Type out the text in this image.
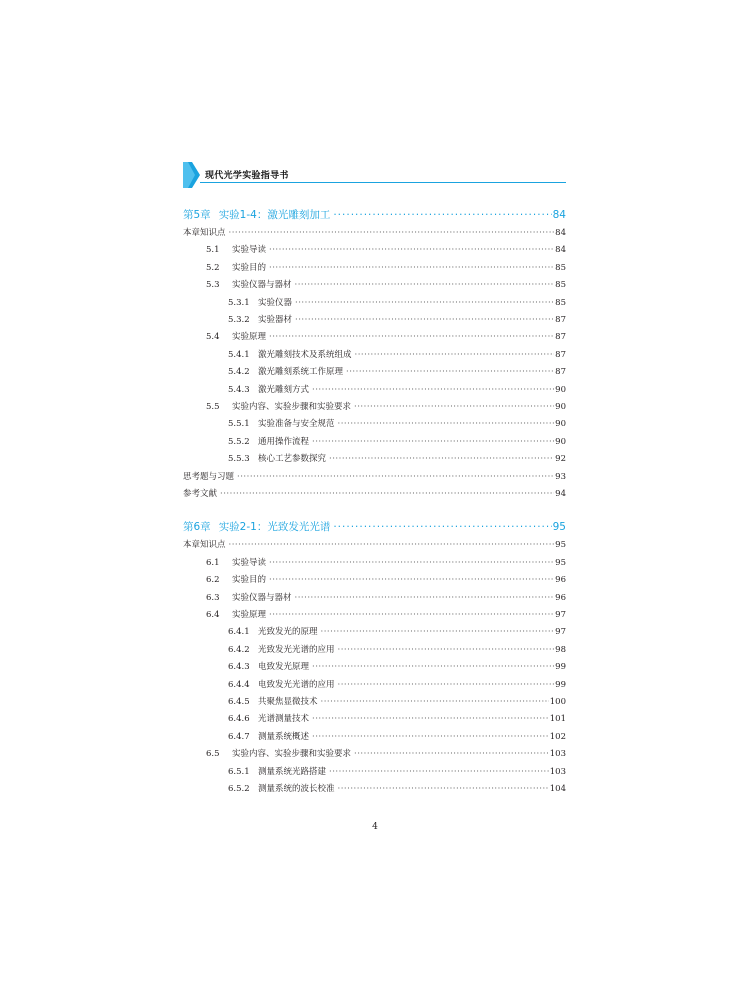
现代光学实验指导书
第5章 实验1-4：激光雕刻加工 ·····	84
本章知识点 ·····	84
5.1	实验导读 ·····	84
5.2	实验目的 ·····	85
5.3	实验仪器与器材 ·····	85
5.3.1 实验仪器 ·····	85
5.3.2 实验器材 ·····	87
5.4	实验原理 ·····	87
5.4.1 激光雕刻技术及系统组成 ·····	87
5.4.2 激光雕刻系统工作原理 ·····	87
5.4.3 激光雕刻方式 ·····	90
5.5	实验内容、实验步骤和实验要求 ·····	90
5.5.1 实验准备与安全规范 ·····	90
5.5.2 通用操作流程 ·····	90
5.5.3 核心工艺参数探究 ·····	92
思考题与习题 ·····	93
参考文献 ·····	94
第6章 实验2-1：光致发光光谱 ·····	95
本章知识点 ·····	95
6.1	实验导读 ·····	95
6.2	实验目的 ·····	96
6.3	实验仪器与器材 ·····	96
6.4	实验原理 ·····	97
6.4.1 光致发光的原理 ·····	97
6.4.2 光致发光光谱的应用 ·····	98
6.4.3 电致发光原理 ·····	99
6.4.4 电致发光光谱的应用 ·····	99
6.4.5 共聚焦显微技术 ·····	100
6.4.6 光谱测量技术 ·····	101
6.4.7 测量系统概述 ·····	102
6.5	实验内容、实验步骤和实验要求 ·····	103
6.5.1 测量系统光路搭建 ·····	103
6.5.2 测量系统的波长校准 ·····	104
4
